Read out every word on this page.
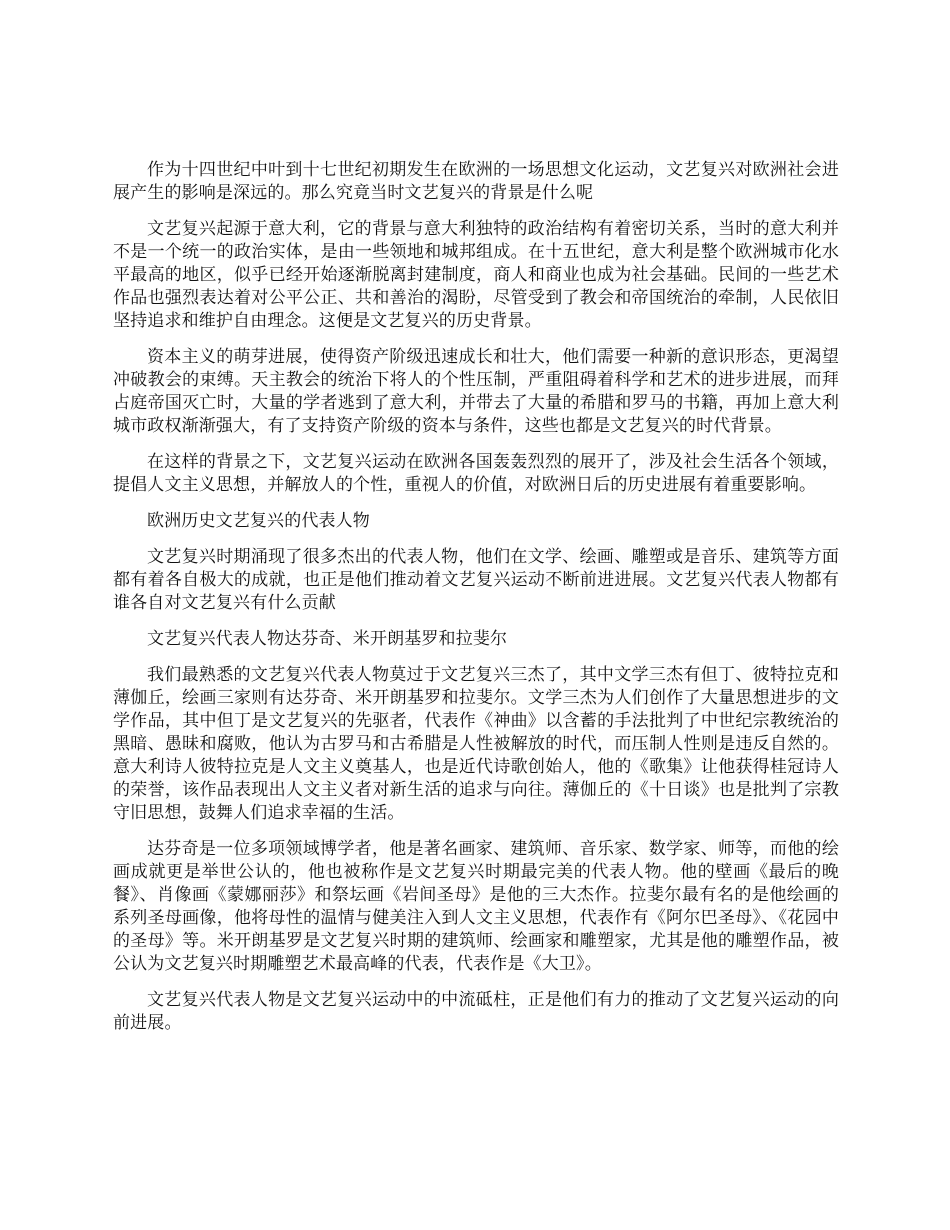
作为十四世纪中叶到十七世纪初期发生在欧洲的一场思想文化运动，文艺复兴对欧洲社会进展产生的影响是深远的。那么究竟当时文艺复兴的背景是什么呢

文艺复兴起源于意大利，它的背景与意大利独特的政治结构有着密切关系，当时的意大利并不是一个统一的政治实体，是由一些领地和城邦组成。在十五世纪，意大利是整个欧洲城市化水平最高的地区，似乎已经开始逐渐脱离封建制度，商人和商业也成为社会基础。民间的一些艺术作品也强烈表达着对公平公正、共和善治的渴盼，尽管受到了教会和帝国统治的牵制，人民依旧坚持追求和维护自由理念。这便是文艺复兴的历史背景。

资本主义的萌芽进展，使得资产阶级迅速成长和壮大，他们需要一种新的意识形态，更渴望冲破教会的束缚。天主教会的统治下将人的个性压制，严重阻碍着科学和艺术的进步进展，而拜占庭帝国灭亡时，大量的学者逃到了意大利，并带去了大量的希腊和罗马的书籍，再加上意大利城市政权渐渐强大，有了支持资产阶级的资本与条件，这些也都是文艺复兴的时代背景。

在这样的背景之下，文艺复兴运动在欧洲各国轰轰烈烈的展开了，涉及社会生活各个领域，提倡人文主义思想，并解放人的个性，重视人的价值，对欧洲日后的历史进展有着重要影响。

欧洲历史文艺复兴的代表人物

文艺复兴时期涌现了很多杰出的代表人物，他们在文学、绘画、雕塑或是音乐、建筑等方面都有着各自极大的成就，也正是他们推动着文艺复兴运动不断前进进展。文艺复兴代表人物都有谁各自对文艺复兴有什么贡献

文艺复兴代表人物达芬奇、米开朗基罗和拉斐尔

我们最熟悉的文艺复兴代表人物莫过于文艺复兴三杰了，其中文学三杰有但丁、彼特拉克和薄伽丘，绘画三家则有达芬奇、米开朗基罗和拉斐尔。文学三杰为人们创作了大量思想进步的文学作品，其中但丁是文艺复兴的先驱者，代表作《神曲》以含蓄的手法批判了中世纪宗教统治的黑暗、愚昧和腐败，他认为古罗马和古希腊是人性被解放的时代，而压制人性则是违反自然的。意大利诗人彼特拉克是人文主义奠基人，也是近代诗歌创始人，他的《歌集》让他获得桂冠诗人的荣誉，该作品表现出人文主义者对新生活的追求与向往。薄伽丘的《十日谈》也是批判了宗教守旧思想，鼓舞人们追求幸福的生活。

达芬奇是一位多项领域博学者，他是著名画家、建筑师、音乐家、数学家、师等，而他的绘画成就更是举世公认的，他也被称作是文艺复兴时期最完美的代表人物。他的壁画《最后的晚餐》、肖像画《蒙娜丽莎》和祭坛画《岩间圣母》是他的三大杰作。拉斐尔最有名的是他绘画的系列圣母画像，他将母性的温情与健美注入到人文主义思想，代表作有《阿尔巴圣母》、《花园中的圣母》等。米开朗基罗是文艺复兴时期的建筑师、绘画家和雕塑家，尤其是他的雕塑作品，被公认为文艺复兴时期雕塑艺术最高峰的代表，代表作是《大卫》。

文艺复兴代表人物是文艺复兴运动中的中流砥柱，正是他们有力的推动了文艺复兴运动的向前进展。
